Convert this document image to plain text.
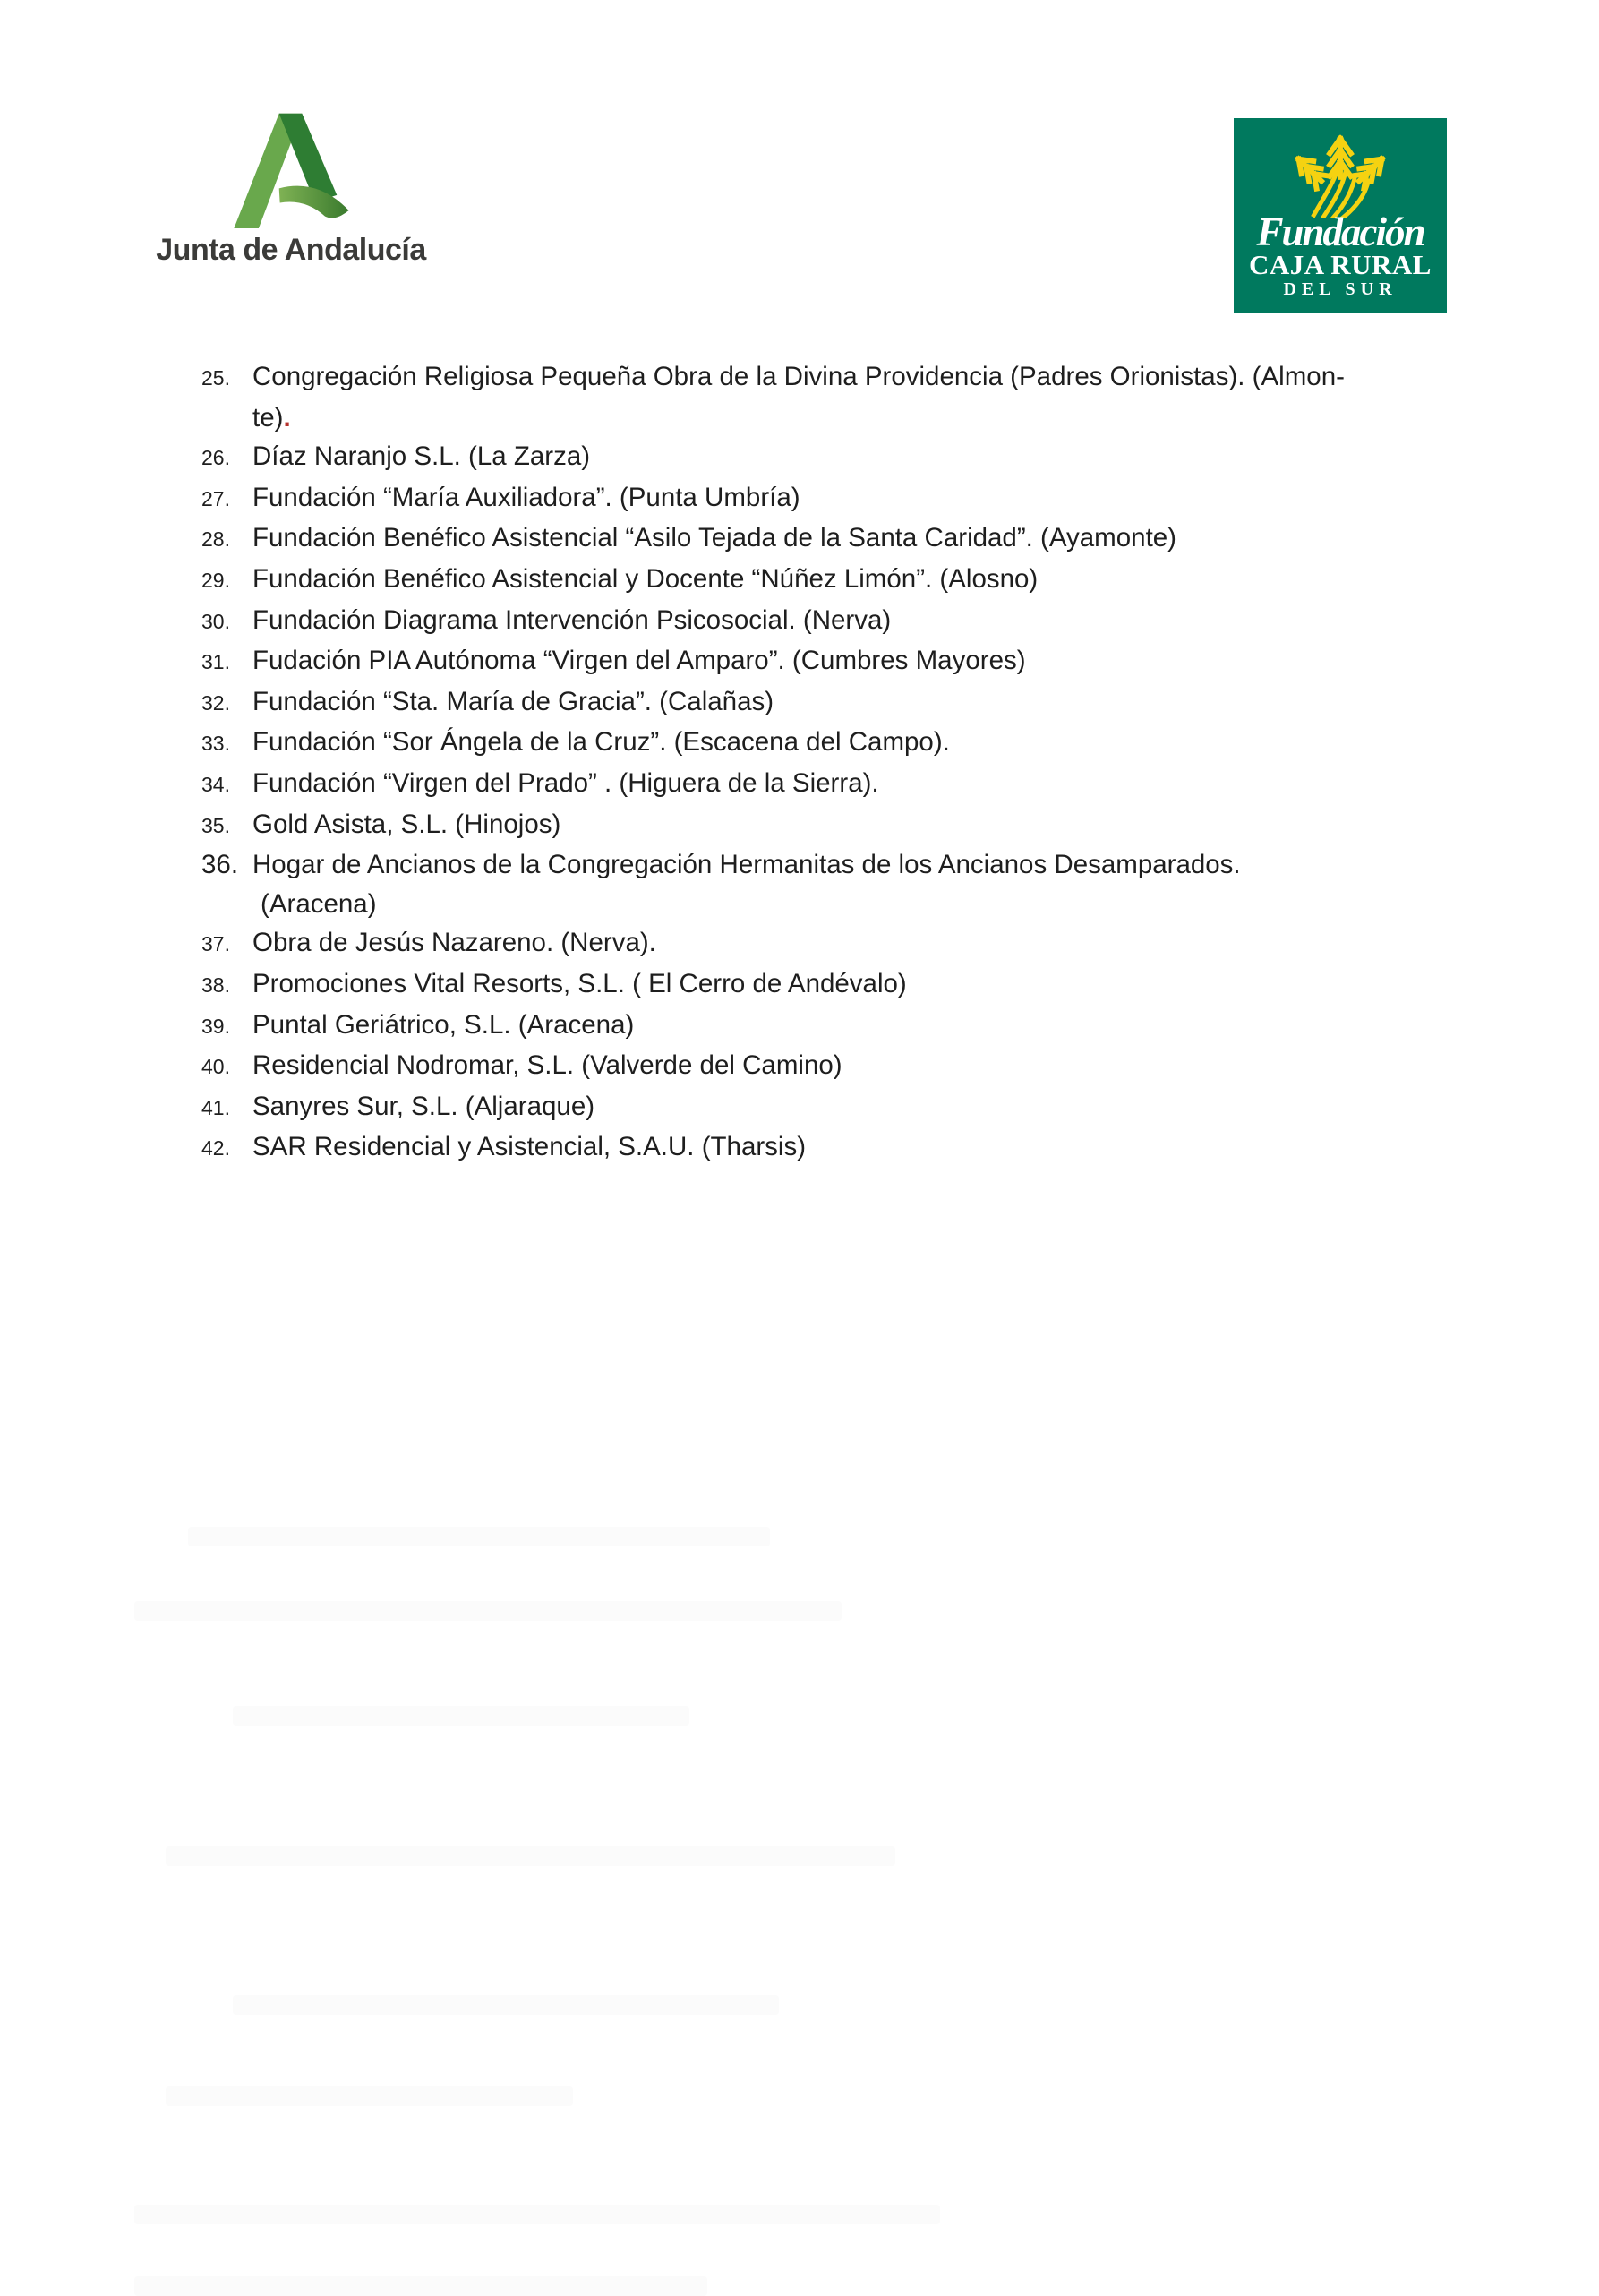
Junta de Andalucía	Fundación
CAJA RURAL
DEL SUR
25. Congregación Religiosa Pequeña Obra de la Divina Providencia (Padres Orionistas). (Almon-
te).
26. Díaz Naranjo S.L. (La Zarza)
27. Fundación “María Auxiliadora”. (Punta Umbría)
28. Fundación Benéfico Asistencial “Asilo Tejada de la Santa Caridad”. (Ayamonte)
29. Fundación Benéfico Asistencial y Docente “Núñez Limón”. (Alosno)
30. Fundación Diagrama Intervención Psicosocial. (Nerva)
31. Fudación PIA Autónoma “Virgen del Amparo”. (Cumbres Mayores)
32. Fundación “Sta. María de Gracia”. (Calañas)
33. Fundación “Sor Ángela de la Cruz”. (Escacena del Campo).
34. Fundación “Virgen del Prado” . (Higuera de la Sierra).
35. Gold Asista, S.L. (Hinojos)
36. Hogar de Ancianos de la Congregación Hermanitas de los Ancianos Desamparados.
(Aracena)
37. Obra de Jesús Nazareno. (Nerva).
38. Promociones Vital Resorts, S.L. ( El Cerro de Andévalo)
39. Puntal Geriátrico, S.L. (Aracena)
40. Residencial Nodromar, S.L. (Valverde del Camino)
41. Sanyres Sur, S.L. (Aljaraque)
42. SAR Residencial y Asistencial, S.A.U. (Tharsis)
